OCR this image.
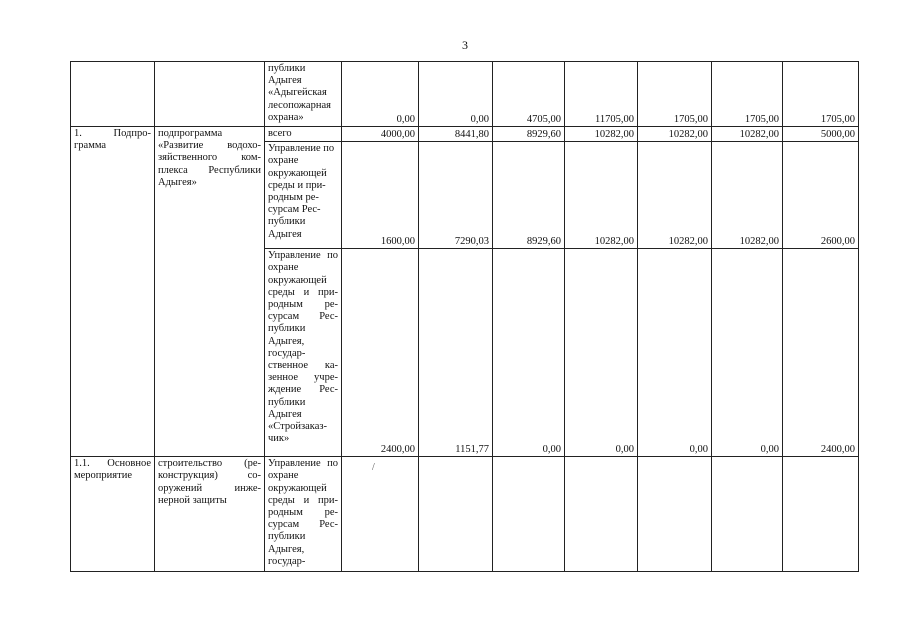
3
		публики Адыгея «Адыгейская лесопожарная охрана»	0,00	0,00	4705,00	11705,00	1705,00	1705,00	1705,00
1. Подпро-грамма	подпрограмма «Развитие водохо-зяйственного ком-плекса Республики Адыгея»	всего	4000,00	8441,80	8929,60	10282,00	10282,00	10282,00	5000,00
		Управление по охране окружающей среды и при-родным ре-сурсам Рес-публики Адыгея	1600,00	7290,03	8929,60	10282,00	10282,00	10282,00	2600,00
		Управление по охране окружающей среды и при-родным ре-сурсам Рес-публики Адыгея, государ-ственное ка-зенное учре-ждение Рес-публики Адыгея «Стройзаказ-чик»	2400,00	1151,77	0,00	0,00	0,00	0,00	2400,00
1.1. Основное мероприятие	строительство (ре-конструкция) со-оружений инже-нерной защиты	Управление по охране окружающей среды и при-родным ре-сурсам Рес-публики Адыгея, государ-							
/
